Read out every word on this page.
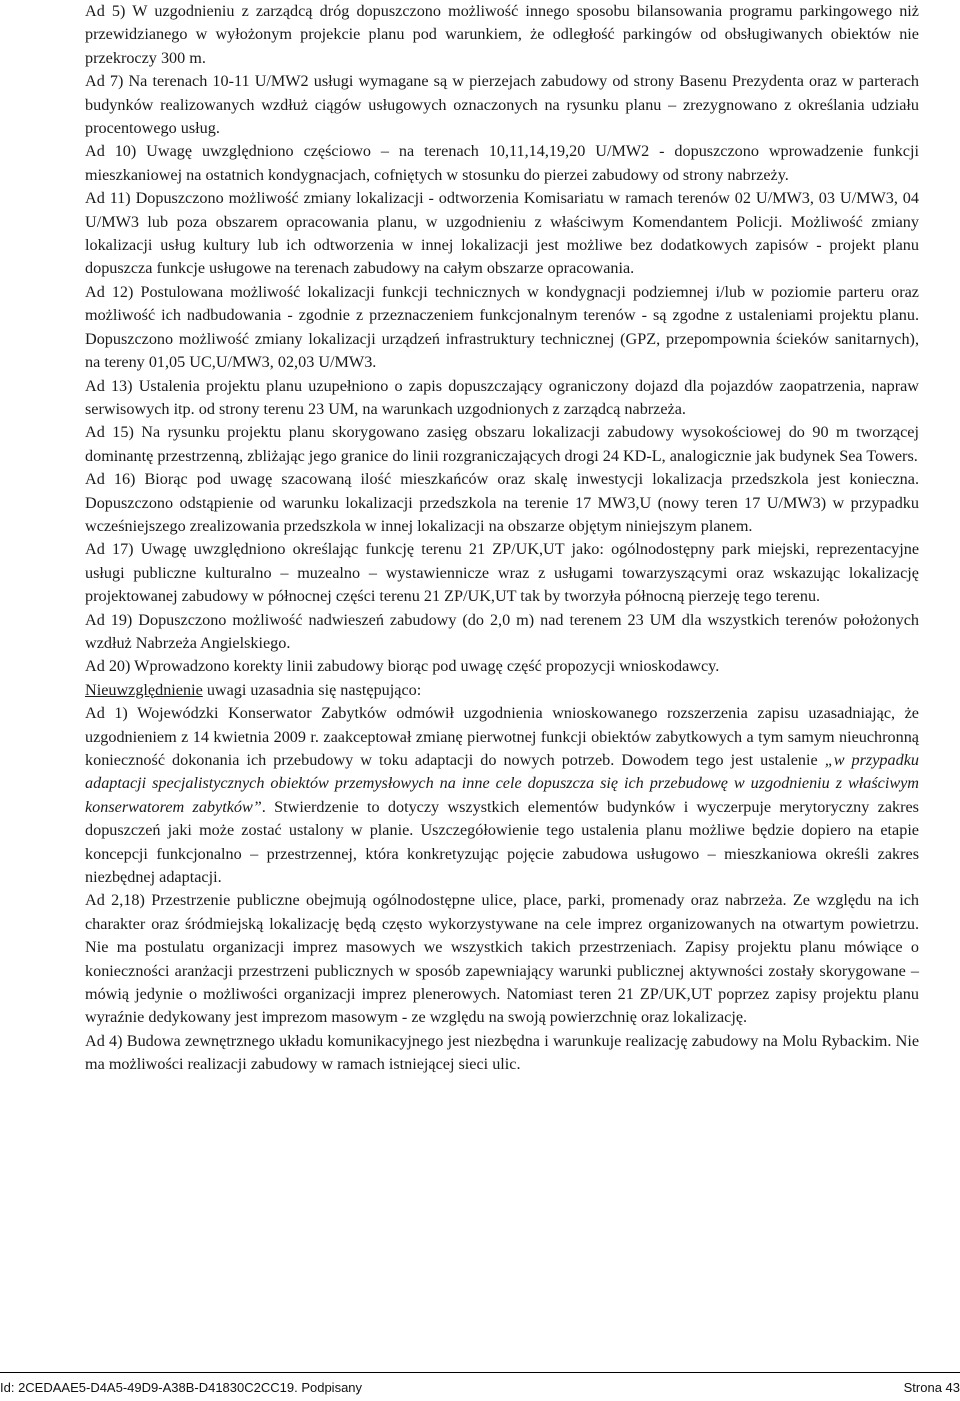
Ad 5) W uzgodnieniu z zarządcą dróg dopuszczono możliwość innego sposobu bilansowania programu parkingowego niż przewidzianego w wyłożonym projekcie planu pod warunkiem, że odległość parkingów od obsługiwanych obiektów nie przekroczy 300 m.

Ad 7) Na terenach 10-11 U/MW2 usługi wymagane są w pierzejach zabudowy od strony Basenu Prezydenta oraz w parterach budynków realizowanych wzdłuż ciągów usługowych oznaczonych na rysunku planu – zrezygnowano z określania udziału procentowego usług.

Ad 10) Uwagę uwzględniono częściowo – na terenach 10,11,14,19,20 U/MW2 - dopuszczono wprowadzenie funkcji mieszkaniowej na ostatnich kondygnacjach, cofniętych w stosunku do pierzei zabudowy od strony nabrzeży.

Ad 11) Dopuszczono możliwość zmiany lokalizacji - odtworzenia Komisariatu w ramach terenów 02 U/MW3, 03 U/MW3, 04 U/MW3 lub poza obszarem opracowania planu, w uzgodnieniu z właściwym Komendantem Policji. Możliwość zmiany lokalizacji usług kultury lub ich odtworzenia w innej lokalizacji jest możliwe bez dodatkowych zapisów - projekt planu dopuszcza funkcje usługowe na terenach zabudowy na całym obszarze opracowania.

Ad 12) Postulowana możliwość lokalizacji funkcji technicznych w kondygnacji podziemnej i/lub w poziomie parteru oraz możliwość ich nadbudowania - zgodnie z przeznaczeniem funkcjonalnym terenów - są zgodne z ustaleniami projektu planu. Dopuszczono możliwość zmiany lokalizacji urządzeń infrastruktury technicznej (GPZ, przepompownia ścieków sanitarnych), na tereny 01,05 UC,U/MW3, 02,03 U/MW3.

Ad 13) Ustalenia projektu planu uzupełniono o zapis dopuszczający ograniczony dojazd dla pojazdów zaopatrzenia, napraw serwisowych itp. od strony terenu 23 UM, na warunkach uzgodnionych z zarządcą nabrzeża.

Ad 15) Na rysunku projektu planu skorygowano zasięg obszaru lokalizacji zabudowy wysokościowej do 90 m tworzącej dominantę przestrzenną, zbliżając jego granice do linii rozgraniczających drogi 24 KD-L, analogicznie jak budynek Sea Towers.

Ad 16) Biorąc pod uwagę szacowaną ilość mieszkańców oraz skalę inwestycji lokalizacja przedszkola jest konieczna. Dopuszczono odstąpienie od warunku lokalizacji przedszkola na terenie 17 MW3,U (nowy teren 17 U/MW3) w przypadku wcześniejszego zrealizowania przedszkola w innej lokalizacji na obszarze objętym niniejszym planem.

Ad 17) Uwagę uwzględniono określając funkcję terenu 21 ZP/UK,UT jako: ogólnodostępny park miejski, reprezentacyjne usługi publiczne kulturalno – muzealno – wystawiennicze wraz z usługami towarzyszącymi oraz wskazując lokalizację projektowanej zabudowy w północnej części terenu 21 ZP/UK,UT tak by tworzyła północną pierzeję tego terenu.

Ad 19) Dopuszczono możliwość nadwieszeń zabudowy (do 2,0 m) nad terenem 23 UM dla wszystkich terenów położonych wzdłuż Nabrzeża Angielskiego.

Ad 20) Wprowadzono korekty linii zabudowy biorąc pod uwagę część propozycji wnioskodawcy.

Nieuwzględnienie uwagi uzasadnia się następująco:

Ad 1) Wojewódzki Konserwator Zabytków odmówił uzgodnienia wnioskowanego rozszerzenia zapisu uzasadniając, że uzgodnieniem z 14 kwietnia 2009 r. zaakceptował zmianę pierwotnej funkcji obiektów zabytkowych a tym samym nieuchronną konieczność dokonania ich przebudowy w toku adaptacji do nowych potrzeb. Dowodem tego jest ustalenie „w przypadku adaptacji specjalistycznych obiektów przemysłowych na inne cele dopuszcza się ich przebudowę w uzgodnieniu z właściwym konserwatorem zabytków”. Stwierdzenie to dotyczy wszystkich elementów budynków i wyczerpuje merytoryczny zakres dopuszczeń jaki może zostać ustalony w planie. Uszczegółowienie tego ustalenia planu możliwe będzie dopiero na etapie koncepcji funkcjonalno – przestrzennej, która konkretyzując pojęcie zabudowa usługowo – mieszkaniowa określi zakres niezbędnej adaptacji.

Ad 2,18) Przestrzenie publiczne obejmują ogólnodostępne ulice, place, parki, promenady oraz nabrzeża. Ze względu na ich charakter oraz śródmiejską lokalizację będą często wykorzystywane na cele imprez organizowanych na otwartym powietrzu. Nie ma postulatu organizacji imprez masowych we wszystkich takich przestrzeniach. Zapisy projektu planu mówiące o konieczności aranżacji przestrzeni publicznych w sposób zapewniający warunki publicznej aktywności zostały skorygowane – mówią jedynie o możliwości organizacji imprez plenerowych. Natomiast teren 21 ZP/UK,UT poprzez zapisy projektu planu wyraźnie dedykowany jest imprezom masowym - ze względu na swoją powierzchnię oraz lokalizację.

Ad 4) Budowa zewnętrznego układu komunikacyjnego jest niezbędna i warunkuje realizację zabudowy na Molu Rybackim. Nie ma możliwości realizacji zabudowy w ramach istniejącej sieci ulic.

Id: 2CEDAAE5-D4A5-49D9-A38B-D41830C2CC19. Podpisany	Strona 43
